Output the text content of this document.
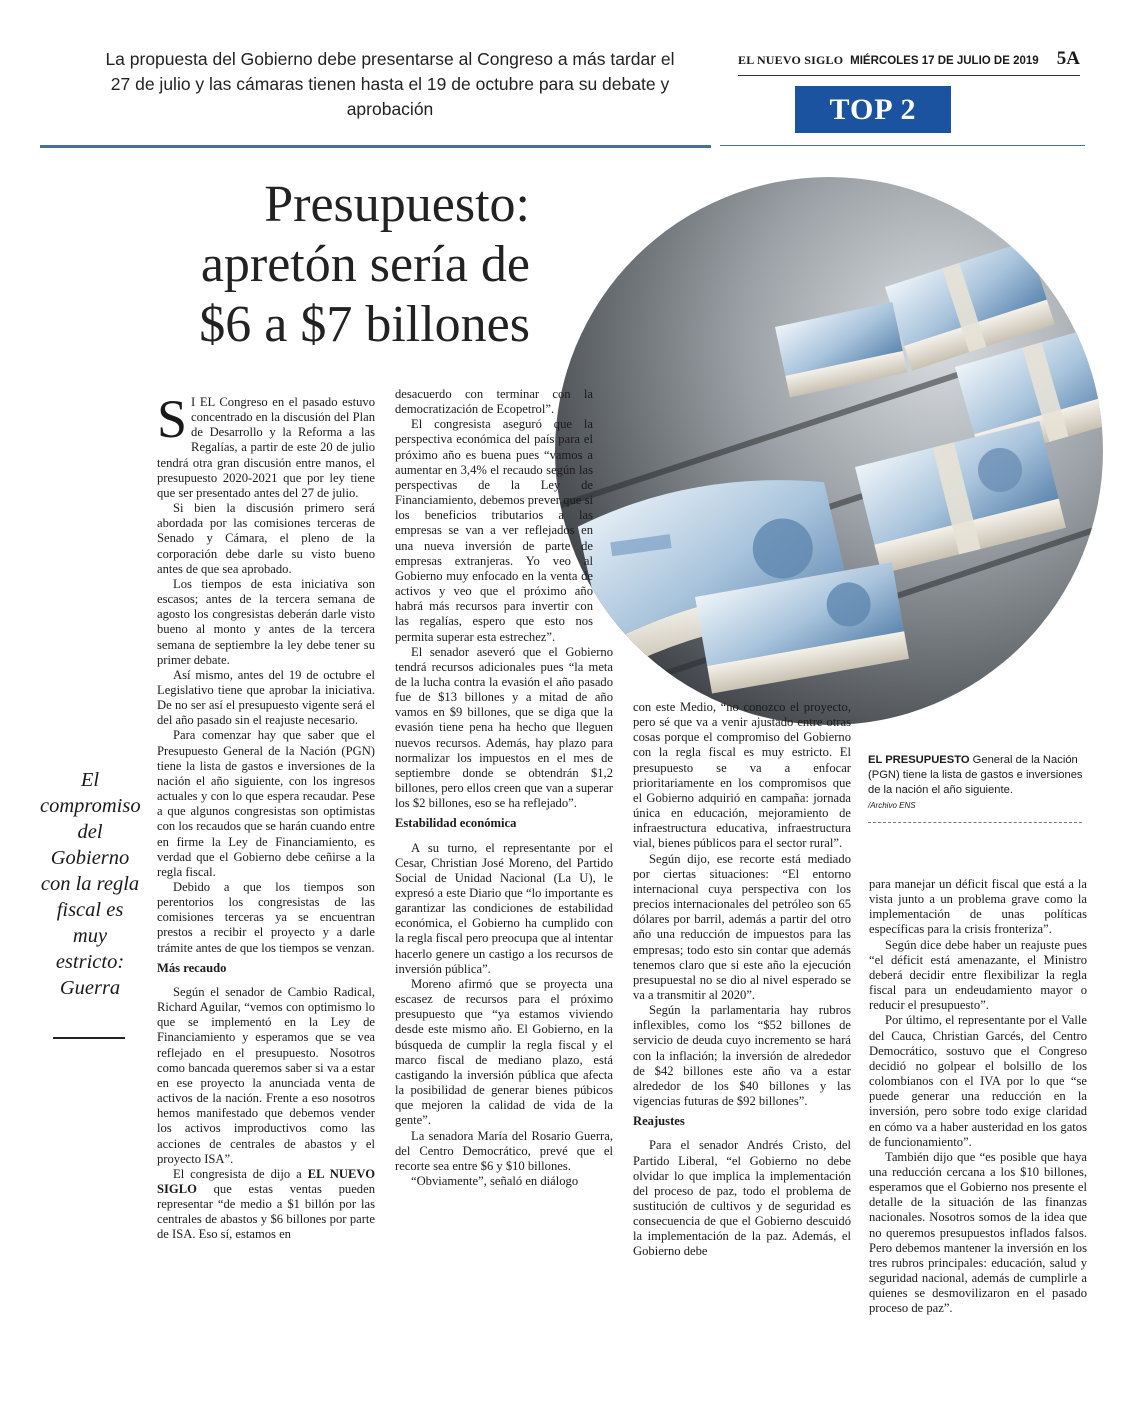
La propuesta del Gobierno debe presentarse al Congreso a más tardar el 27 de julio y las cámaras tienen hasta el 19 de octubre para su debate y aprobación
EL NUEVO SIGLO MIÉRCOLES 17 DE JULIO DE 2019 5A
TOP 2
Presupuesto:
apretón sería de
$6 a $7 billones
El compromiso del Gobierno con la regla fiscal es muy estricto: Guerra

S I EL Congreso en el pasado estuvo concentrado en la discusión del Plan de Desarrollo y la Reforma a las Regalías, a partir de este 20 de julio tendrá otra gran discusión entre manos, el presupuesto 2020-2021 que por ley tiene que ser presentado antes del 27 de julio.

Si bien la discusión primero será abordada por las comisiones terceras de Senado y Cámara, el pleno de la corporación debe darle su visto bueno antes de que sea aprobado.

Los tiempos de esta iniciativa son escasos; antes de la tercera semana de agosto los congresistas deberán darle visto bueno al monto y antes de la tercera semana de septiembre la ley debe tener su primer debate.

Así mismo, antes del 19 de octubre el Legislativo tiene que aprobar la iniciativa. De no ser así el presupuesto vigente será el del año pasado sin el reajuste necesario.

Para comenzar hay que saber que el Presupuesto General de la Nación (PGN) tiene la lista de gastos e inversiones de la nación el año siguiente, con los ingresos actuales y con lo que espera recaudar. Pese a que algunos congresistas son optimistas con los recaudos que se harán cuando entre en firme la Ley de Financiamiento, es verdad que el Gobierno debe ceñirse a la regla fiscal.

Debido a que los tiempos son perentorios los congresistas de las comisiones terceras ya se encuentran prestos a recibir el proyecto y a darle trámite antes de que los tiempos se venzan.

Más recaudo

Según el senador de Cambio Radical, Richard Aguilar, “vemos con optimismo lo que se implementó en la Ley de Financiamiento y esperamos que se vea reflejado en el presupuesto. Nosotros como bancada queremos saber si va a estar en ese proyecto la anunciada venta de activos de la nación. Frente a eso nosotros hemos manifestado que debemos vender los activos improductivos como las acciones de centrales de abastos y el proyecto ISA”.

El congresista de dijo a EL NUEVO SIGLO que estas ventas pueden representar “de medio a $1 billón por las centrales de abastos y $6 billones por parte de ISA. Eso sí, estamos en

desacuerdo con terminar con la democratización de Ecopetrol”.

El congresista aseguró que la perspectiva económica del país para el próximo año es buena pues “vamos a aumentar en 3,4% el recaudo según las perspectivas de la Ley de Financiamiento, debemos prever que si los beneficios tributarios a las empresas se van a ver reflejados en una nueva inversión de parte de empresas extranjeras. Yo veo al Gobierno muy enfocado en la venta de activos y veo que el próximo año habrá más recursos para invertir con las regalías, espero que esto nos permita superar esta estrechez”.

El senador aseveró que el Gobierno tendrá recursos adicionales pues “la meta de la lucha contra la evasión el año pasado fue de $13 billones y a mitad de año vamos en $9 billones, que se diga que la evasión tiene pena ha hecho que lleguen nuevos recursos. Además, hay plazo para normalizar los impuestos en el mes de septiembre donde se obtendrán $1,2 billones, pero ellos creen que van a superar los $2 billones, eso se ha reflejado”.

Estabilidad económica

A su turno, el representante por el Cesar, Christian José Moreno, del Partido Social de Unidad Nacional (La U), le expresó a este Diario que “lo importante es garantizar las condiciones de estabilidad económica, el Gobierno ha cumplido con la regla fiscal pero preocupa que al intentar hacerlo genere un castigo a los recursos de inversión pública”.

Moreno afirmó que se proyecta una escasez de recursos para el próximo presupuesto que “ya estamos viviendo desde este mismo año. El Gobierno, en la búsqueda de cumplir la regla fiscal y el marco fiscal de mediano plazo, está castigando la inversión pública que afecta la posibilidad de generar bienes púbicos que mejoren la calidad de vida de la gente”.

La senadora María del Rosario Guerra, del Centro Democrático, prevé que el recorte sea entre $6 y $10 billones.

“Obviamente”, señaló en diálogo

con este Medio, “no conozco el proyecto, pero sé que va a venir ajustado entre otras cosas porque el compromiso del Gobierno con la regla fiscal es muy estricto. El presupuesto se va a enfocar prioritariamente en los compromisos que el Gobierno adquirió en campaña: jornada única en educación, mejoramiento de infraestructura educativa, infraestructura vial, bienes públicos para el sector rural”.

Según dijo, ese recorte está mediado por ciertas situaciones: “El entorno internacional cuya perspectiva con los precios internacionales del petróleo son 65 dólares por barril, además a partir del otro año una reducción de impuestos para las empresas; todo esto sin contar que además tenemos claro que si este año la ejecución presupuestal no se dio al nivel esperado se va a transmitir al 2020”.

Según la parlamentaria hay rubros inflexibles, como los “$52 billones de servicio de deuda cuyo incremento se hará con la inflación; la inversión de alrededor de $42 billones este año va a estar alrededor de los $40 billones y las vigencias futuras de $92 billones”.

Reajustes

Para el senador Andrés Cristo, del Partido Liberal, “el Gobierno no debe olvidar lo que implica la implementación del proceso de paz, todo el problema de sustitución de cultivos y de seguridad es consecuencia de que el Gobierno descuidó la implementación de la paz. Además, el Gobierno debe

EL PRESUPUESTO General de la Nación (PGN) tiene la lista de gastos e inversiones de la nación el año siguiente.
/Archivo ENS

para manejar un déficit fiscal que está a la vista junto a un problema grave como la implementación de unas políticas específicas para la crisis fronteriza”.

Según dice debe haber un reajuste pues “el déficit está amenazante, el Ministro deberá decidir entre flexibilizar la regla fiscal para un endeudamiento mayor o reducir el presupuesto”.

Por último, el representante por el Valle del Cauca, Christian Garcés, del Centro Democrático, sostuvo que el Congreso decidió no golpear el bolsillo de los colombianos con el IVA por lo que “se puede generar una reducción en la inversión, pero sobre todo exige claridad en cómo va a haber austeridad en los gatos de funcionamiento”.

También dijo que “es posible que haya una reducción cercana a los $10 billones, esperamos que el Gobierno nos presente el detalle de la situación de las finanzas nacionales. Nosotros somos de la idea que no queremos presupuestos inflados falsos. Pero debemos mantener la inversión en los tres rubros principales: educación, salud y seguridad nacional, además de cumplirle a quienes se desmovilizaron en el pasado proceso de paz”.
